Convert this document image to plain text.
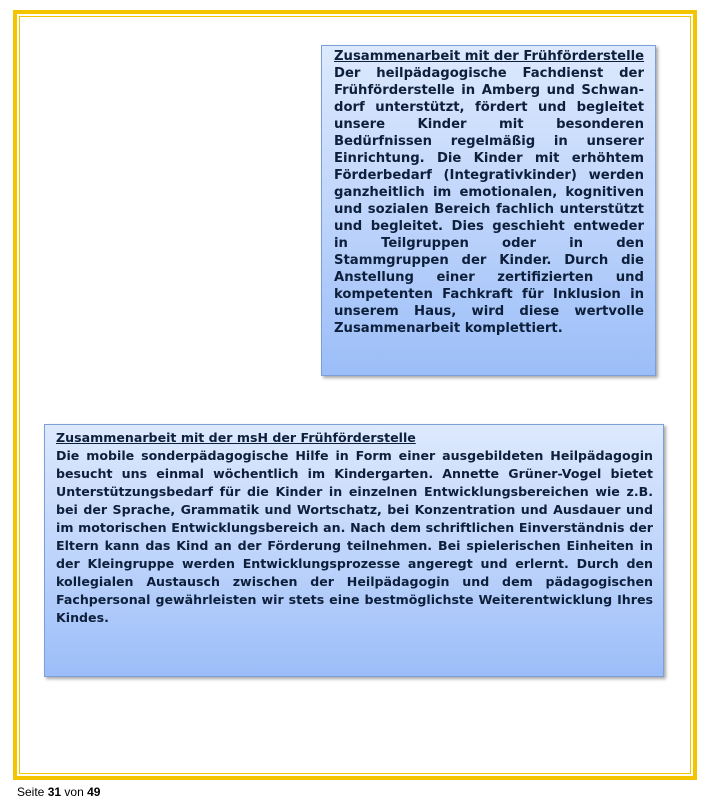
Zusammenarbeit mit der Frühförderstelle

Der heilpädagogische Fachdienst der Frühförderstelle in Amberg und Schwandorf unterstützt, fördert und begleitet unsere Kinder mit besonderen Bedürfnissen regelmäßig in unserer Einrichtung. Die Kinder mit erhöhtem Förderbedarf (Integrativkinder) werden ganzheitlich im emotionalen, kognitiven und sozialen Bereich fachlich unterstützt und begleitet. Dies geschieht entweder in Teilgruppen oder in den Stammgruppen der Kinder. Durch die Anstellung einer zertifizierten und kompetenten Fachkraft für Inklusion in unserem Haus, wird diese wertvolle Zusammenarbeit komplettiert.

Zusammenarbeit mit der msH der Frühförderstelle

Die mobile sonderpädagogische Hilfe in Form einer ausgebildeten Heilpädagogin besucht uns einmal wöchentlich im Kindergarten. Annette Grüner-Vogel bietet Unterstützungsbedarf für die Kinder in einzelnen Entwicklungsbereichen wie z.B. bei der Sprache, Grammatik und Wortschatz, bei Konzentration und Ausdauer und im motorischen Entwicklungsbereich an. Nach dem schriftlichen Einverständnis der Eltern kann das Kind an der Förderung teilnehmen. Bei spielerischen Einheiten in der Kleingruppe werden Entwicklungsprozesse angeregt und erlernt. Durch den kollegialen Austausch zwischen der Heilpädagogin und dem pädagogischen Fachpersonal gewährleisten wir stets eine bestmöglichste Weiterentwicklung Ihres Kindes.

Seite 31 von 49
